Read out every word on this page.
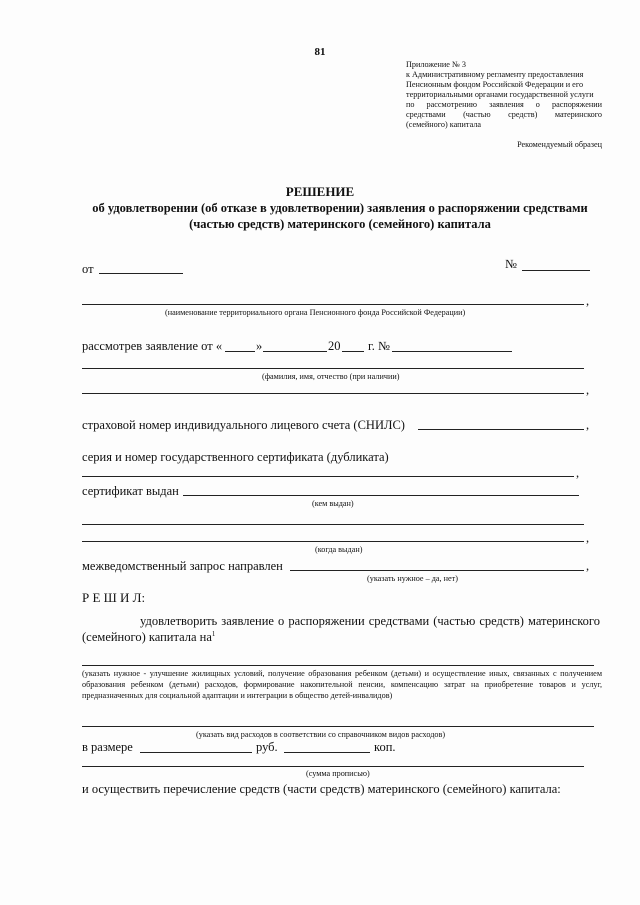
81
Приложение № 3
к Административному регламенту предоставления
Пенсионным фондом Российской Федерации и его
территориальными органами государственной услуги
по рассмотрению заявления о распоряжении
средствами (частью средств) материнского
(семейного) капитала
Рекомендуемый образец
РЕШЕНИЕ
об удовлетворении (об отказе в удовлетворении) заявления о распоряжении средствами
(частью средств) материнского (семейного) капитала
от	№
,
(наименование территориального органа Пенсионного фонда Российской Федерации)
рассмотрев заявление от «	»	20 г. №
(фамилия, имя, отчество (при наличии)
,
страховой номер индивидуального лицевого счета (СНИЛС)	,
серия и номер государственного сертификата (дубликата)
,
сертификат выдан
(кем выдан)
,
(когда выдан)
межведомственный запрос направлен	,
(указать нужное – да, нет)
Р Е Ш И Л:
удовлетворить заявление о распоряжении средствами (частью средств) материнского
(семейного) капитала $на^1$
(указать нужное - улучшение жилищных условий, получение образования ребенком (детьми) и осуществление иных, связанных с получением образования ребенком (детьми) расходов, формирование накопительной пенсии, компенсацию затрат на приобретение товаров и услуг, предназначенных для социальной адаптации и интеграции в общество детей-инвалидов)
(указать вид расходов в соответствии со справочником видов расходов)
в размере	руб.	коп.
(сумма прописью)
и осуществить перечисление средств (части средств) материнского (семейного) капитала:
